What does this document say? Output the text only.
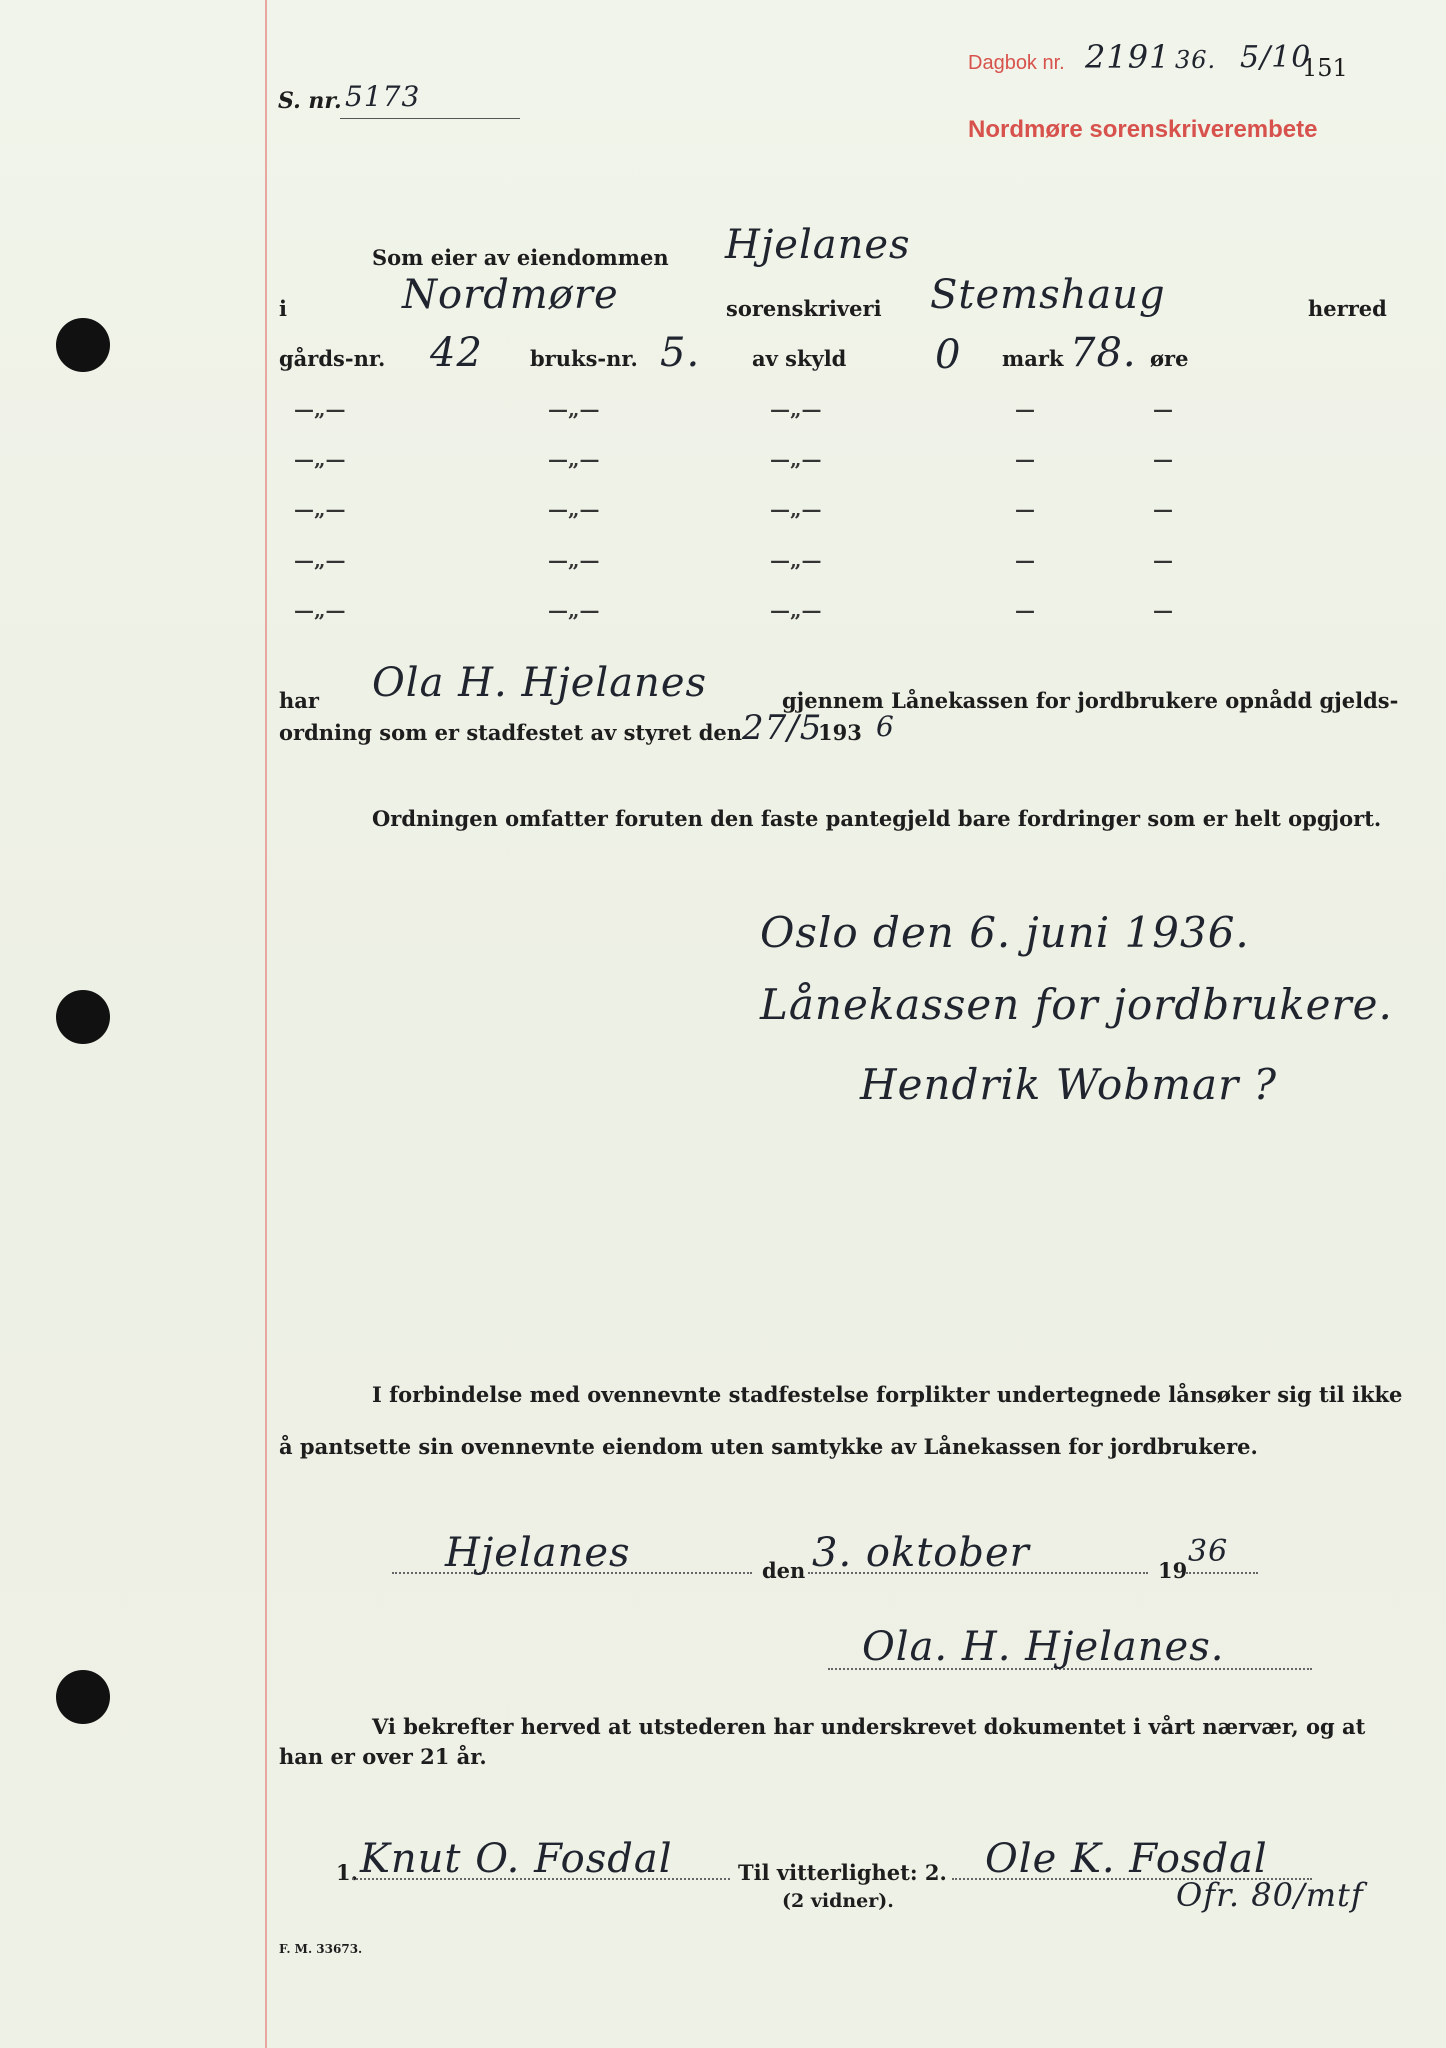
S. nr. 5173
Dagbok nr. 2191 36. 5/10
151
Nordmøre sorenskriverembete
Som eier av eiendommen Hjelanes
i	Nordmøre	sorenskriveri Stemshaug	herred
gårds-nr. 42 bruks-nr. 5. av skyld 0 mark 78. øre
—„—	—„—	—„—	—	—
—„—	—„—	—„—	—	—
—„—	—„—	—„—	—	—
—„—	—„—	—„—	—	—
—„—	—„—	—„—	—	—
har Ola H. Hjelanes	gjennem Lånekassen for jordbrukere opnådd gjelds-
ordning som er stadfestet av styret den 27/5
193 6
Ordningen omfatter foruten den faste pantegjeld bare fordringer som er helt opgjort.
Oslo den 6. juni 1936.
Lånekassen for jordbrukere.
Hendrik Wobmar ?
I forbindelse med ovennevnte stadfestelse forplikter undertegnede lånsøker sig til ikke
å pantsette sin ovennevnte eiendom uten samtykke av Lånekassen for jordbrukere.
Hjelanes	den 3. oktober	19
36
Ola. H. Hjelanes.
Vi bekrefter herved at utstederen har underskrevet dokumentet i vårt nærvær, og at
han er over 21 år.
1. Knut O. Fosdal	Til vitterlighet: 2. Ole K. Fosdal
(2 vidner).	Ofr. 80/mtf
F. M. 33673.
